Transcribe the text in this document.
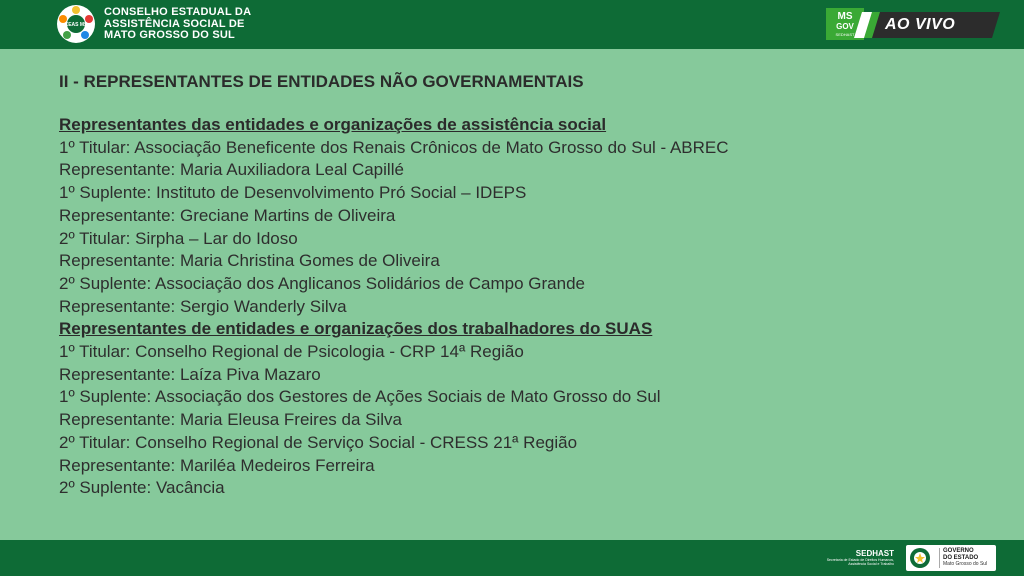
CEAS MS
CONSELHO ESTADUAL DA
ASSISTÊNCIA SOCIAL DE
MATO GROSSO DO SUL
MS
GOV
SEDHAST
AO VIVO
II - REPRESENTANTES DE ENTIDADES NÃO GOVERNAMENTAIS
Representantes das entidades e organizações de assistência social
1º Titular: Associação Beneficente dos Renais Crônicos de Mato Grosso do Sul - ABREC
Representante: Maria Auxiliadora Leal Capillé
1º Suplente: Instituto de Desenvolvimento Pró Social – IDEPS
Representante: Greciane Martins de Oliveira
2º Titular: Sirpha – Lar do Idoso
Representante: Maria Christina Gomes de Oliveira
2º Suplente: Associação dos Anglicanos Solidários de Campo Grande
Representante: Sergio Wanderly Silva
Representantes de entidades e organizações dos trabalhadores do SUAS
1º Titular: Conselho Regional de Psicologia - CRP 14ª Região
Representante: Laíza Piva Mazaro
1º Suplente: Associação dos Gestores de Ações Sociais de Mato Grosso do Sul
Representante: Maria Eleusa Freires da Silva
2º Titular: Conselho Regional de Serviço Social - CRESS 21ª Região
Representante: Mariléa Medeiros Ferreira
2º Suplente: Vacância
SEDHAST
Secretaria de Estado de Direitos Humanos, Assistência Social e Trabalho
GOVERNO
DO ESTADO
Mato Grosso do Sul
